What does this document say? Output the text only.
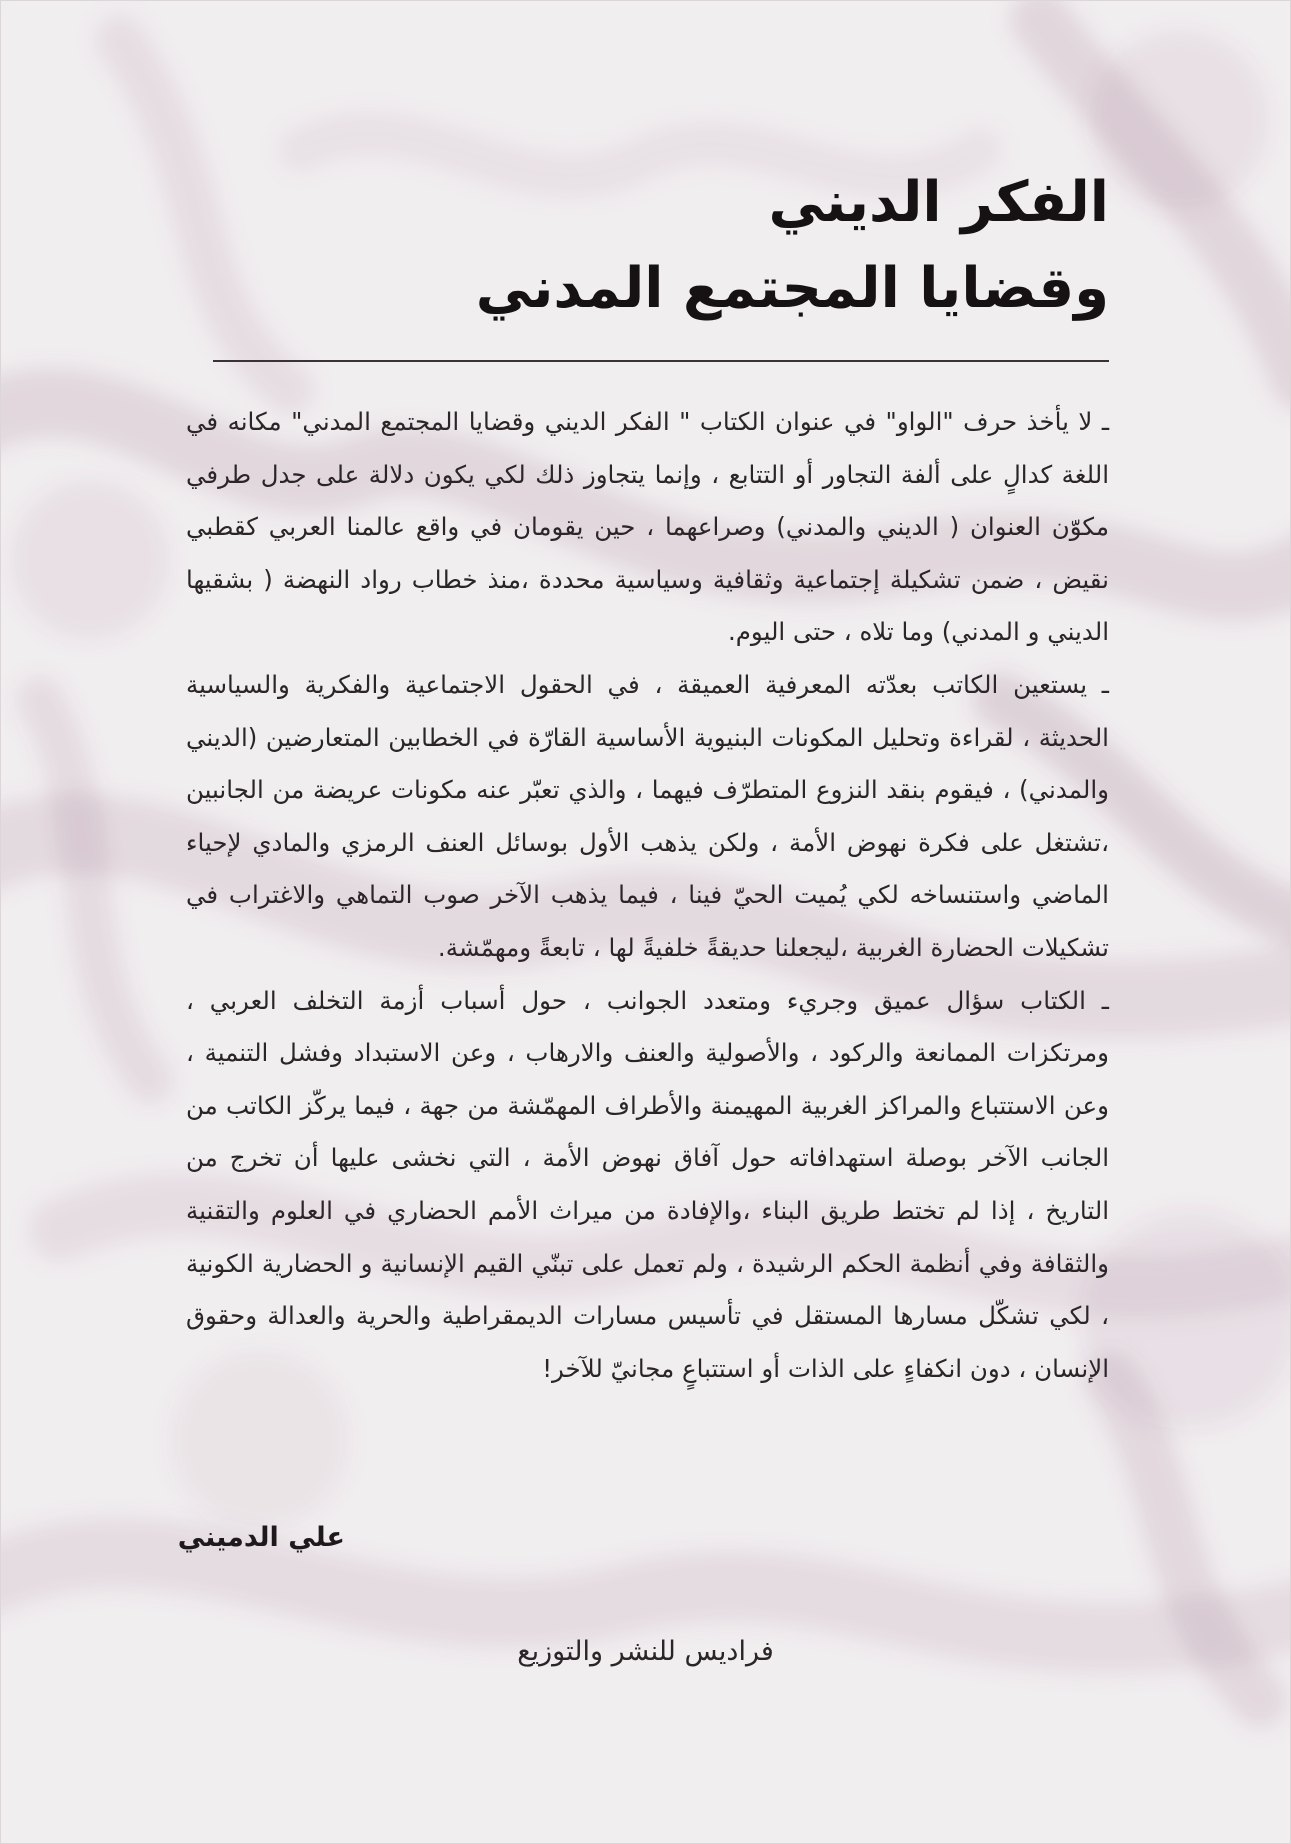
الفكر الديني
وقضايا المجتمع المدني

ـ لا يأخذ حرف "الواو" في عنوان الكتاب " الفكر الديني وقضايا المجتمع المدني" مكانه في اللغة كدالٍ على ألفة التجاور أو التتابع ، وإنما يتجاوز ذلك لكي يكون دلالة على جدل طرفي مكوّن العنوان ( الديني والمدني) وصراعهما ، حين يقومان في واقع عالمنا العربي كقطبي نقيض ، ضمن تشكيلة إجتماعية وثقافية وسياسية محددة ،منذ خطاب رواد النهضة ( بشقيها الديني و المدني) وما تلاه ، حتى اليوم.

ـ يستعين الكاتب بعدّته المعرفية العميقة ، في الحقول الاجتماعية والفكرية والسياسية الحديثة ، لقراءة وتحليل المكونات البنيوية الأساسية القارّة في الخطابين المتعارضين (الديني والمدني) ، فيقوم بنقد النزوع المتطرّف فيهما ، والذي تعبّر عنه مكونات عريضة من الجانبين ،تشتغل على فكرة نهوض الأمة ، ولكن يذهب الأول بوسائل العنف الرمزي والمادي لإحياء الماضي واستنساخه لكي يُميت الحيّ فينا ، فيما يذهب الآخر صوب التماهي والاغتراب في تشكيلات الحضارة الغربية ،ليجعلنا حديقةً خلفيةً لها ، تابعةً ومهمّشة.

ـ الكتاب سؤال عميق وجريء ومتعدد الجوانب ، حول أسباب أزمة التخلف العربي ، ومرتكزات الممانعة والركود ، والأصولية والعنف والارهاب ، وعن الاستبداد وفشل التنمية ، وعن الاستتباع والمراكز الغربية المهيمنة والأطراف المهمّشة من جهة ، فيما يركّز الكاتب من الجانب الآخر بوصلة استهدافاته حول آفاق نهوض الأمة ، التي نخشى عليها أن تخرج من التاريخ ، إذا لم تختط طريق البناء ،والإفادة من ميراث الأمم الحضاري في العلوم والتقنية والثقافة وفي أنظمة الحكم الرشيدة ، ولم تعمل على تبنّي القيم الإنسانية و الحضارية الكونية ، لكي تشكّل مسارها المستقل في تأسيس مسارات الديمقراطية والحرية والعدالة وحقوق الإنسان ، دون انكفاءٍ على الذات أو استتباعٍ مجانيّ للآخر!

علي الدميني
فراديس للنشر والتوزيع
